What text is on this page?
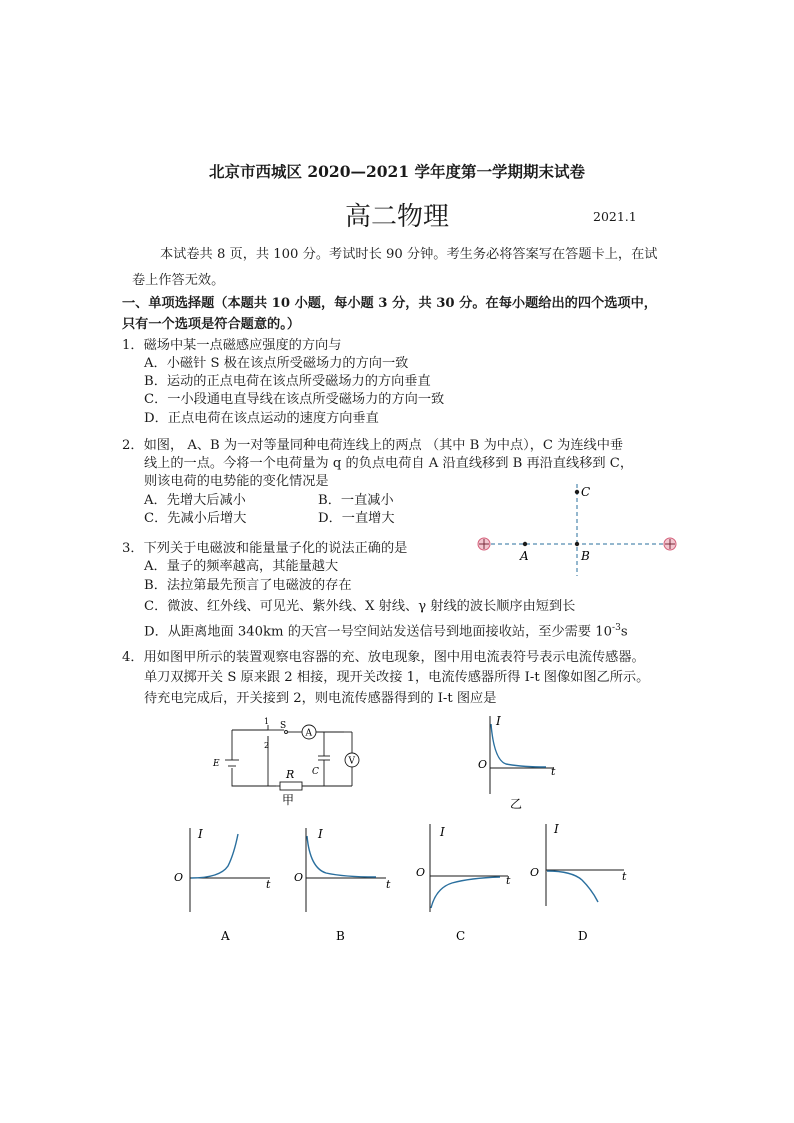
北京市西城区 2020—2021 学年度第一学期期末试卷
高二物理	2021.1
本试卷共 8 页，共 100 分。考试时长 90 分钟。考生务必将答案写在答题卡上，在试
卷上作答无效。
一、单项选择题（本题共 10 小题，每小题 3 分，共 30 分。在每小题给出的四个选项中，
只有一个选项是符合题意的。）
1．磁场中某一点磁感应强度的方向与
A．小磁针 S 极在该点所受磁场力的方向一致
B．运动的正点电荷在该点所受磁场力的方向垂直
C．一小段通电直导线在该点所受磁场力的方向一致
D．正点电荷在该点运动的速度方向垂直
2．如图， A、B 为一对等量同种电荷连线上的两点 （其中 B 为中点），C 为连线中垂
线上的一点。今将一个电荷量为 q 的负点电荷自 A 沿直线移到 B 再沿直线移到 C，
则该电荷的电势能的变化情况是
A．先增大后减小	B．一直减小
C．先减小后增大	D．一直增大
A	B
C
3．下列关于电磁波和能量量子化的说法正确的是
A．量子的频率越高，其能量越大
B．法拉第最先预言了电磁波的存在
C．微波、红外线、可见光、紫外线、X 射线、γ 射线的波长顺序由短到长
D．从距离地面 340km 的天宫一号空间站发送信号到地面接收站，至少需要 $10^{-3}s$
4．用如图甲所示的装置观察电容器的充、放电现象，图中用电流表符号表示电流传感器。
单刀双掷开关 S 原来跟 2 相接，现开关改接 1，电流传感器所得 I-t 图像如图乙所示。
待充电完成后，开关接到 2，则电流传感器得到的 I-t 图应是
E
S
1
2
A
V
C
R
甲
I
O
t
乙
I
O
t
A
I
O
t
B
I
O
t
C
I
O	t
D
